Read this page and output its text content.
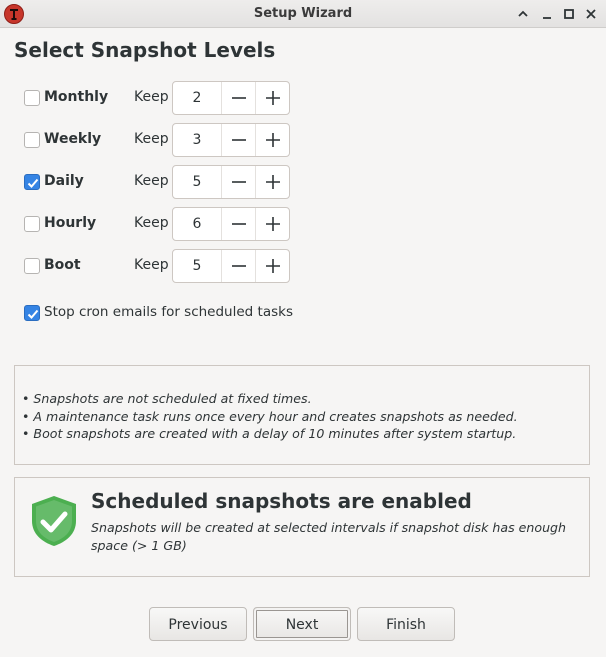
Setup Wizard
Select Snapshot Levels
Monthly Keep	2
Weekly Keep	3
Daily	Keep	5
Hourly	Keep	6
Boot	Keep	5
Stop cron emails for scheduled tasks
• Snapshots are not scheduled at fixed times.
• A maintenance task runs once every hour and creates snapshots as needed.
• Boot snapshots are created with a delay of 10 minutes after system startup.
Scheduled snapshots are enabled
Snapshots will be created at selected intervals if snapshot disk has enough space (> 1 GB)
Previous	Next	Finish
